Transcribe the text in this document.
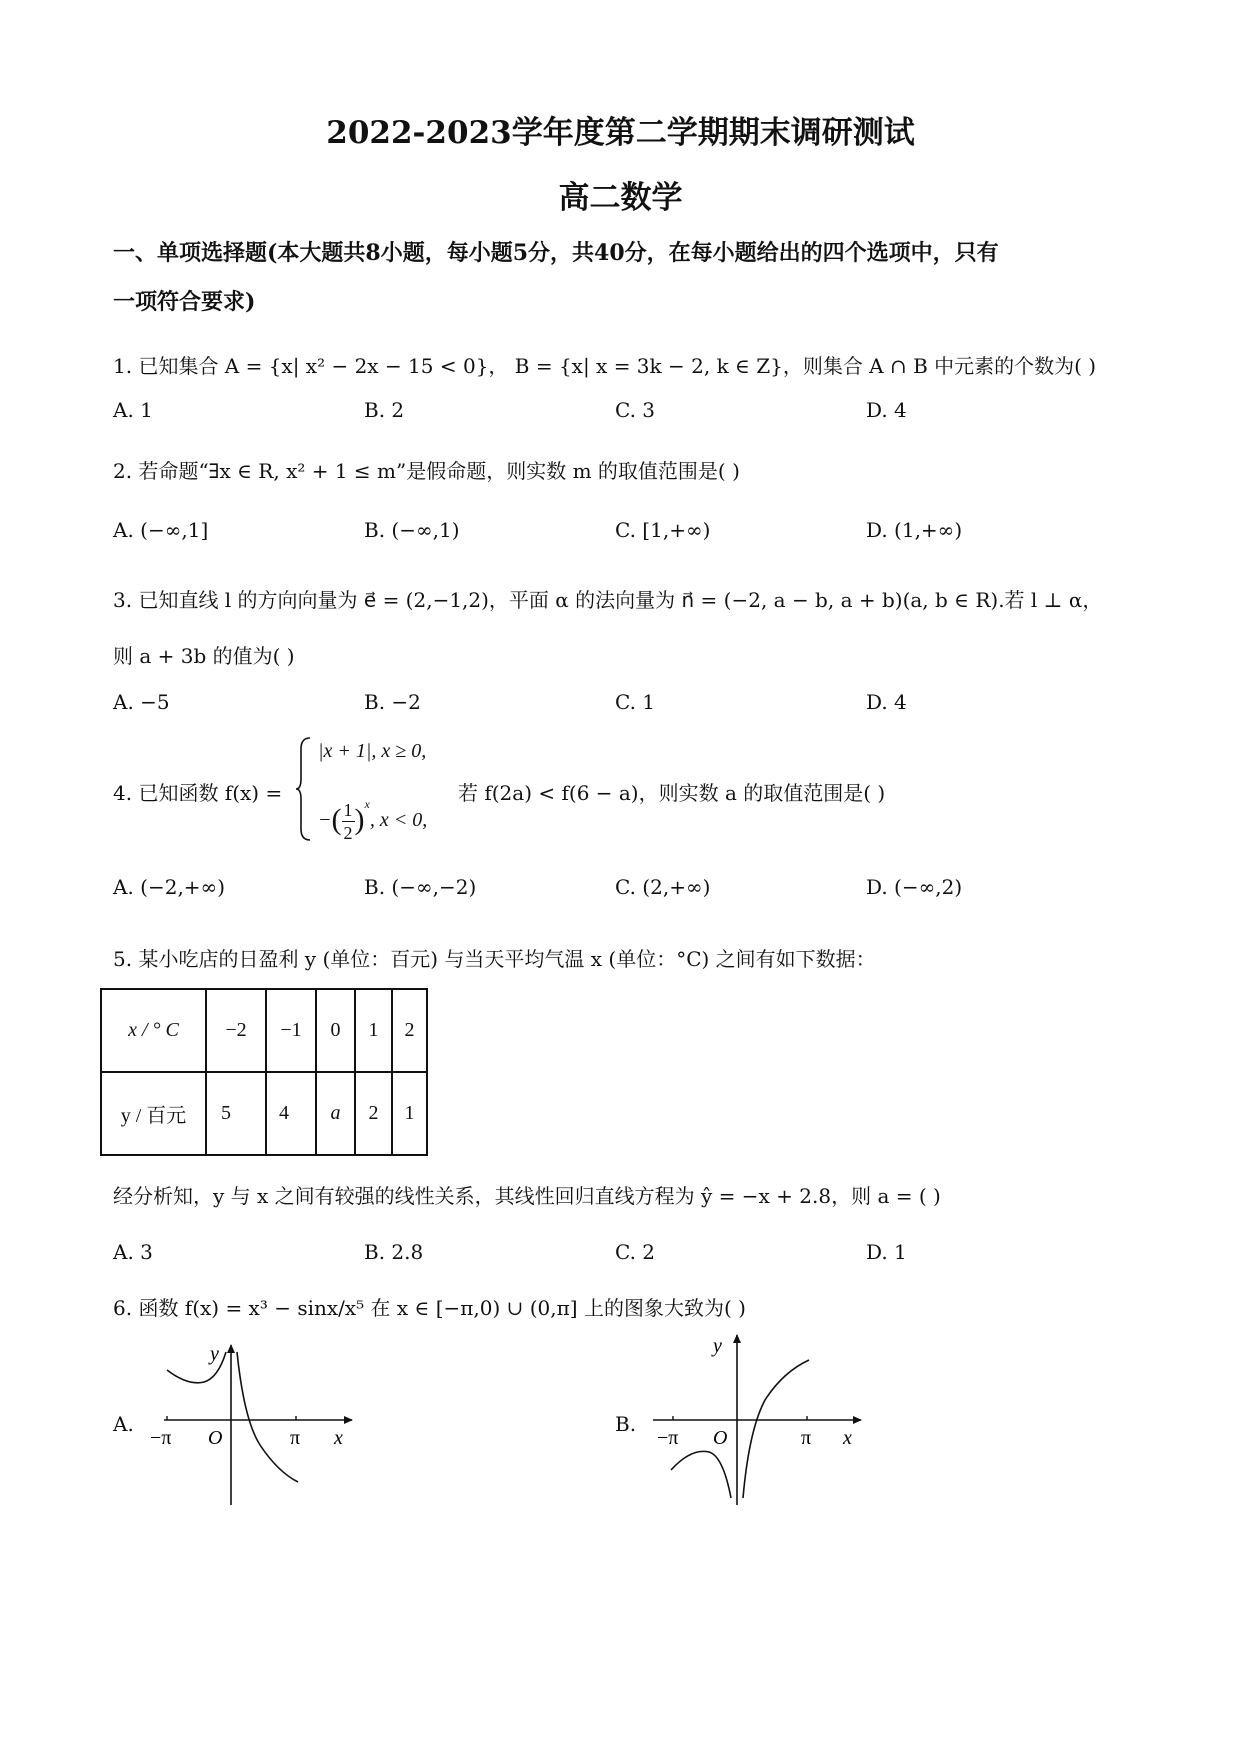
2022-2023学年度第二学期期末调研测试
高二数学
一、单项选择题(本大题共8小题，每小题5分，共40分，在每小题给出的四个选项中，只有
一项符合要求)
1. 已知集合 A = {x| x² − 2x − 15 < 0}， B = {x| x = 3k − 2, k ∈ Z}，则集合 A ∩ B 中元素的个数为( )
A. 1	B. 2	C. 3	D. 4
2. 若命题“∃x ∈ R, x² + 1 ≤ m”是假命题，则实数 m 的取值范围是( )
A. (−∞,1]	B. (−∞,1)	C. [1,+∞)	D. (1,+∞)
3. 已知直线 l 的方向向量为 e⃗ = (2,−1,2)，平面 α 的法向量为 n⃗ = (−2, a − b, a + b)(a, b ∈ R).若 l ⊥ α，
则 a + 3b 的值为( )
A. −5	B. −2	C. 1	D. 4
4. 已知函数 f(x) =
|x + 1|, x ≥ 0,
−( $\frac{1}{2} )^x$, x < 0,
若 f(2a) < f(6 − a)，则实数 a 的取值范围是( )
A. (−2,+∞)	B. (−∞,−2)	C. (2,+∞)	D. (−∞,2)
5. 某小吃店的日盈利 y (单位：百元) 与当天平均气温 x (单位：°C) 之间有如下数据：
x / ° C	−2	−1	0	1	2
y / 百元	5	4	a	2	1
经分析知，y 与 x 之间有较强的线性关系，其线性回归直线方程为 ŷ = −x + 2.8，则 a = ( )
A. 3	B. 2.8	C. 2	D. 1
6. 函数 f(x) = x³ − sinx/x⁵ 在 x ∈ [−π,0) ∪ (0,π] 上的图象大致为( )
A.
y
x
O
−π	π
B.
y
x
O
−π	π
